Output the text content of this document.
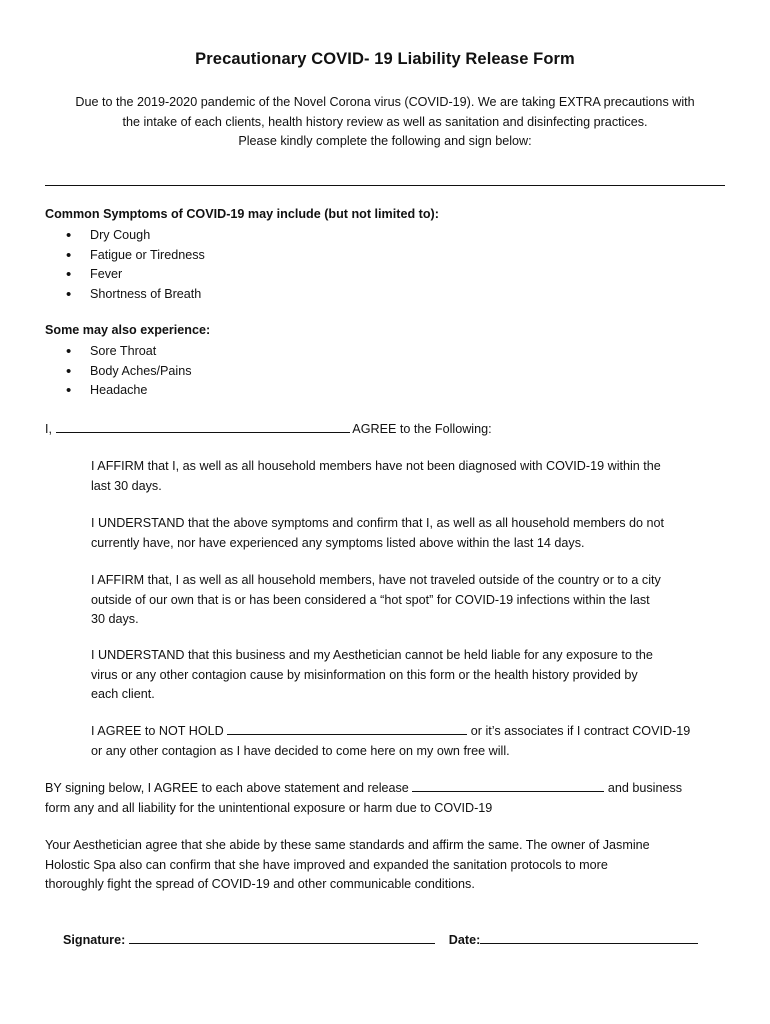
Precautionary COVID- 19 Liability Release Form
Due to the 2019-2020 pandemic of the Novel Corona virus (COVID-19). We are taking EXTRA precautions with
the intake of each clients, health history review as well as sanitation and disinfecting practices.
Please kindly complete the following and sign below:
Common Symptoms of COVID-19 may include (but not limited to):
• Dry Cough
• Fatigue or Tiredness
• Fever
• Shortness of Breath
Some may also experience:
• Sore Throat
• Body Aches/Pains
• Headache
I,	AGREE to the Following:
I AFFIRM that I, as well as all household members have not been diagnosed with COVID-19 within the
last 30 days.
I UNDERSTAND that the above symptoms and confirm that I, as well as all household members do not
currently have, nor have experienced any symptoms listed above within the last 14 days.
I AFFIRM that, I as well as all household members, have not traveled outside of the country or to a city
outside of our own that is or has been considered a “hot spot” for COVID-19 infections within the last
30 days.
I UNDERSTAND that this business and my Aesthetician cannot be held liable for any exposure to the
virus or any other contagion cause by misinformation on this form or the health history provided by
each client.
I AGREE to NOT HOLD	or it’s associates if I contract COVID-19
or any other contagion as I have decided to come here on my own free will.
BY signing below, I AGREE to each above statement and release	and business
form any and all liability for the unintentional exposure or harm due to COVID-19
Your Aesthetician agree that she abide by these same standards and affirm the same. The owner of Jasmine
Holostic Spa also can confirm that she have improved and expanded the sanitation protocols to more
thoroughly fight the spread of COVID-19 and other communicable conditions.
Signature:	Date:
